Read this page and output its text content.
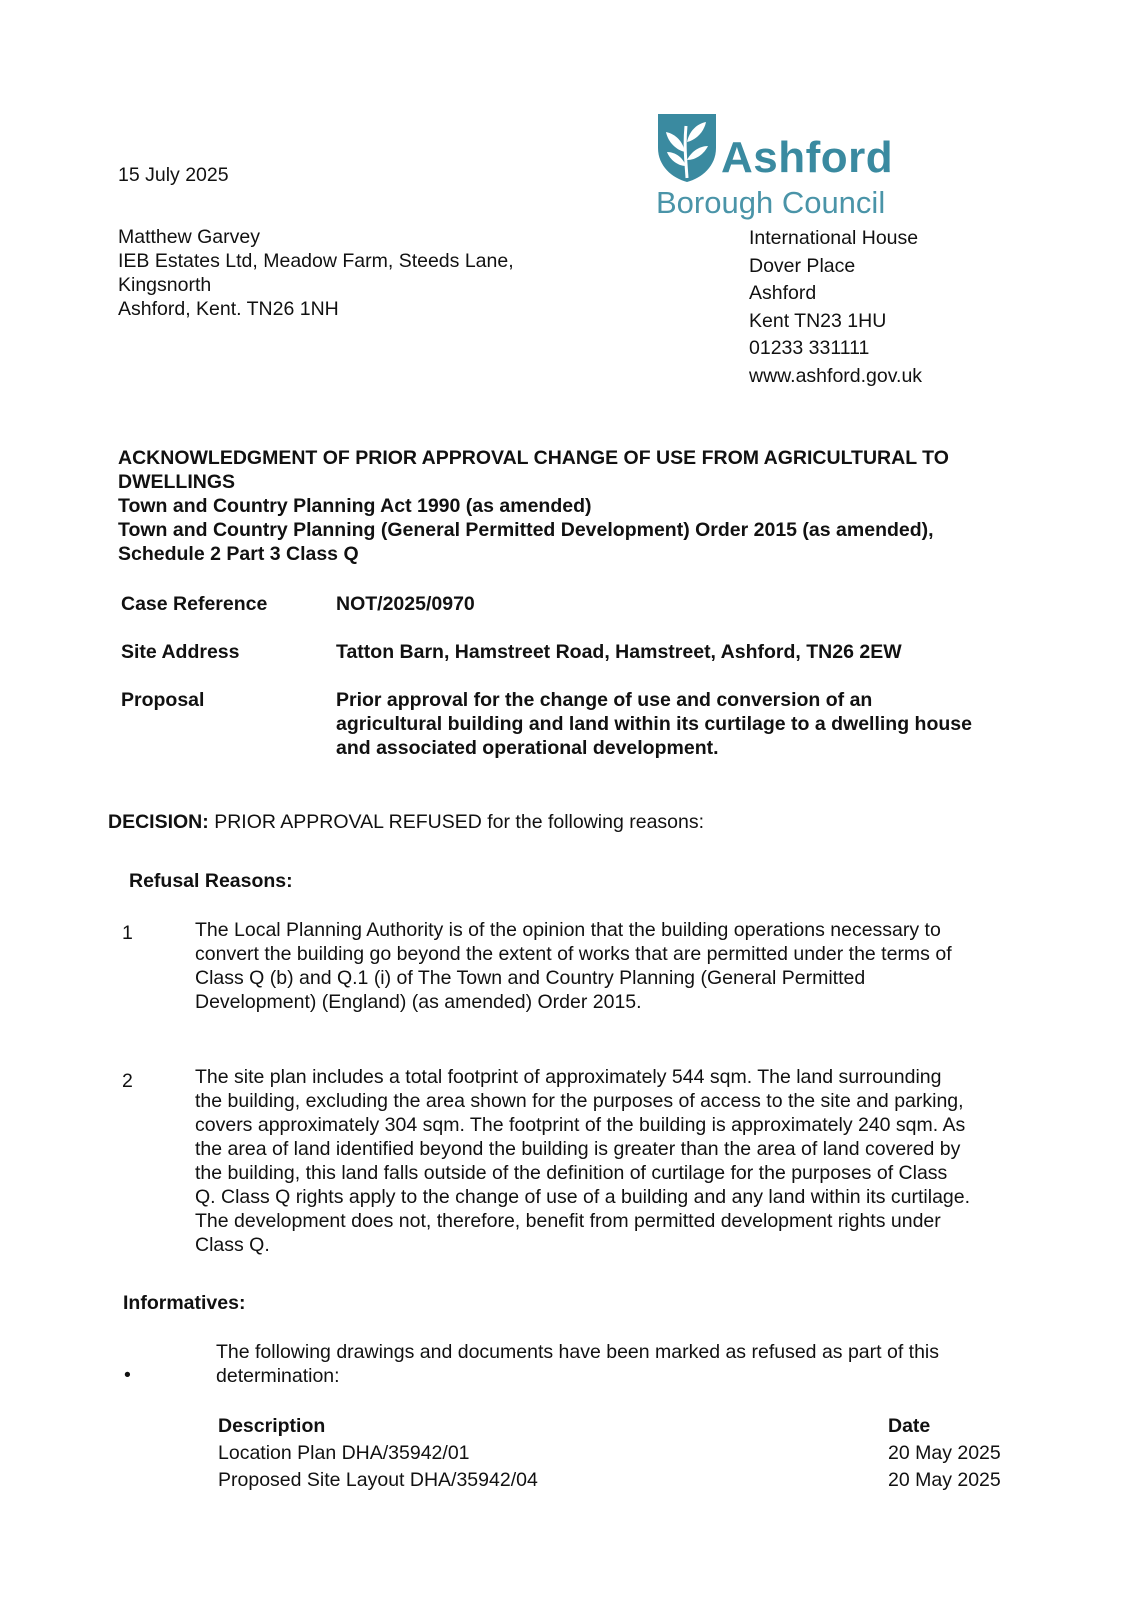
15 July 2025
Matthew Garvey
IEB Estates Ltd, Meadow Farm, Steeds Lane,
Kingsnorth
Ashford, Kent. TN26 1NH
Ashford
Borough Council
International House
Dover Place
Ashford
Kent TN23 1HU
01233 331111
www.ashford.gov.uk
ACKNOWLEDGMENT OF PRIOR APPROVAL CHANGE OF USE FROM AGRICULTURAL TO
DWELLINGS
Town and Country Planning Act 1990 (as amended)
Town and Country Planning (General Permitted Development) Order 2015 (as amended),
Schedule 2 Part 3 Class Q
Case Reference	NOT/2025/0970
Site Address	Tatton Barn, Hamstreet Road, Hamstreet, Ashford, TN26 2EW
Proposal	Prior approval for the change of use and conversion of an
agricultural building and land within its curtilage to a dwelling house
and associated operational development.
DECISION: PRIOR APPROVAL REFUSED for the following reasons:
Refusal Reasons:
1	The Local Planning Authority is of the opinion that the building operations necessary to
convert the building go beyond the extent of works that are permitted under the terms of
Class Q (b) and Q.1 (i) of The Town and Country Planning (General Permitted
Development) (England) (as amended) Order 2015.
2	The site plan includes a total footprint of approximately 544 sqm. The land surrounding
the building, excluding the area shown for the purposes of access to the site and parking,
covers approximately 304 sqm. The footprint of the building is approximately 240 sqm. As
the area of land identified beyond the building is greater than the area of land covered by
the building, this land falls outside of the definition of curtilage for the purposes of Class
Q. Class Q rights apply to the change of use of a building and any land within its curtilage.
The development does not, therefore, benefit from permitted development rights under
Class Q.
Informatives:
•
The following drawings and documents have been marked as refused as part of this
determination:
Description	Date
Location Plan DHA/35942/01	20 May 2025
Proposed Site Layout DHA/35942/04	20 May 2025
